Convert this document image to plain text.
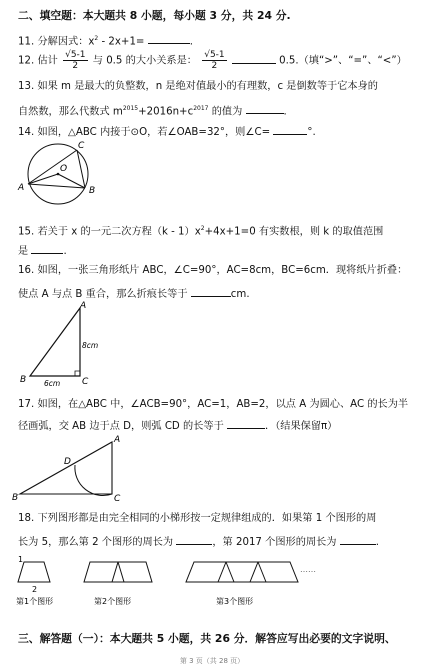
二、填空题：本大题共 8 小题，每小题 3 分，共 24 分.
11. 分解因式：$x^2 - 2x+1=$	.
12. 估计 $\frac{√5-1}{2}$ 与 0.5 的大小关系是： $\frac{√5-1}{2}$	0.5.（填“>”、“=”、“<”）
13. 如果 m 是最大的负整数，n 是绝对值最小的有理数，c 是倒数等于它本身的
自然数，那么代数式 $m^{2015}+2016n+c^{2017}$ 的值为	.
14. 如图，△ABC 内接于⊙O，若∠OAB=32°，则∠C=	°.
A	B
C
O
15. 若关于 x 的一元二次方程$(k - 1)x^2+4x+1=0$ 有实数根，则 k 的取值范围
是	.
16. 如图，一张三角形纸片 ABC，∠C=90°，AC=8cm，BC=6cm．现将纸片折叠：
使点 A 与点 B 重合，那么折痕长等于	cm.
A
B	C
8cm
6cm
17. 如图，在△ABC 中，∠ACB=90°，AC=1，AB=2，以点 A 为圆心、AC 的长为半
径画弧，交 AB 边于点 D，则弧 CD 的长等于	．（结果保留π）
A
B	C
D
18. 下列图形都是由完全相同的小梯形按一定规律组成的．如果第 1 个图形的周
长为 5，那么第 2 个图形的周长为	，第 2017 个图形的周长为	.
1
2
……
第1个图形	第2个图形	第3个图形
三、解答题（一）：本大题共 5 小题，共 26 分．解答应写出必要的文字说明、
第 3 页（共 28 页）
